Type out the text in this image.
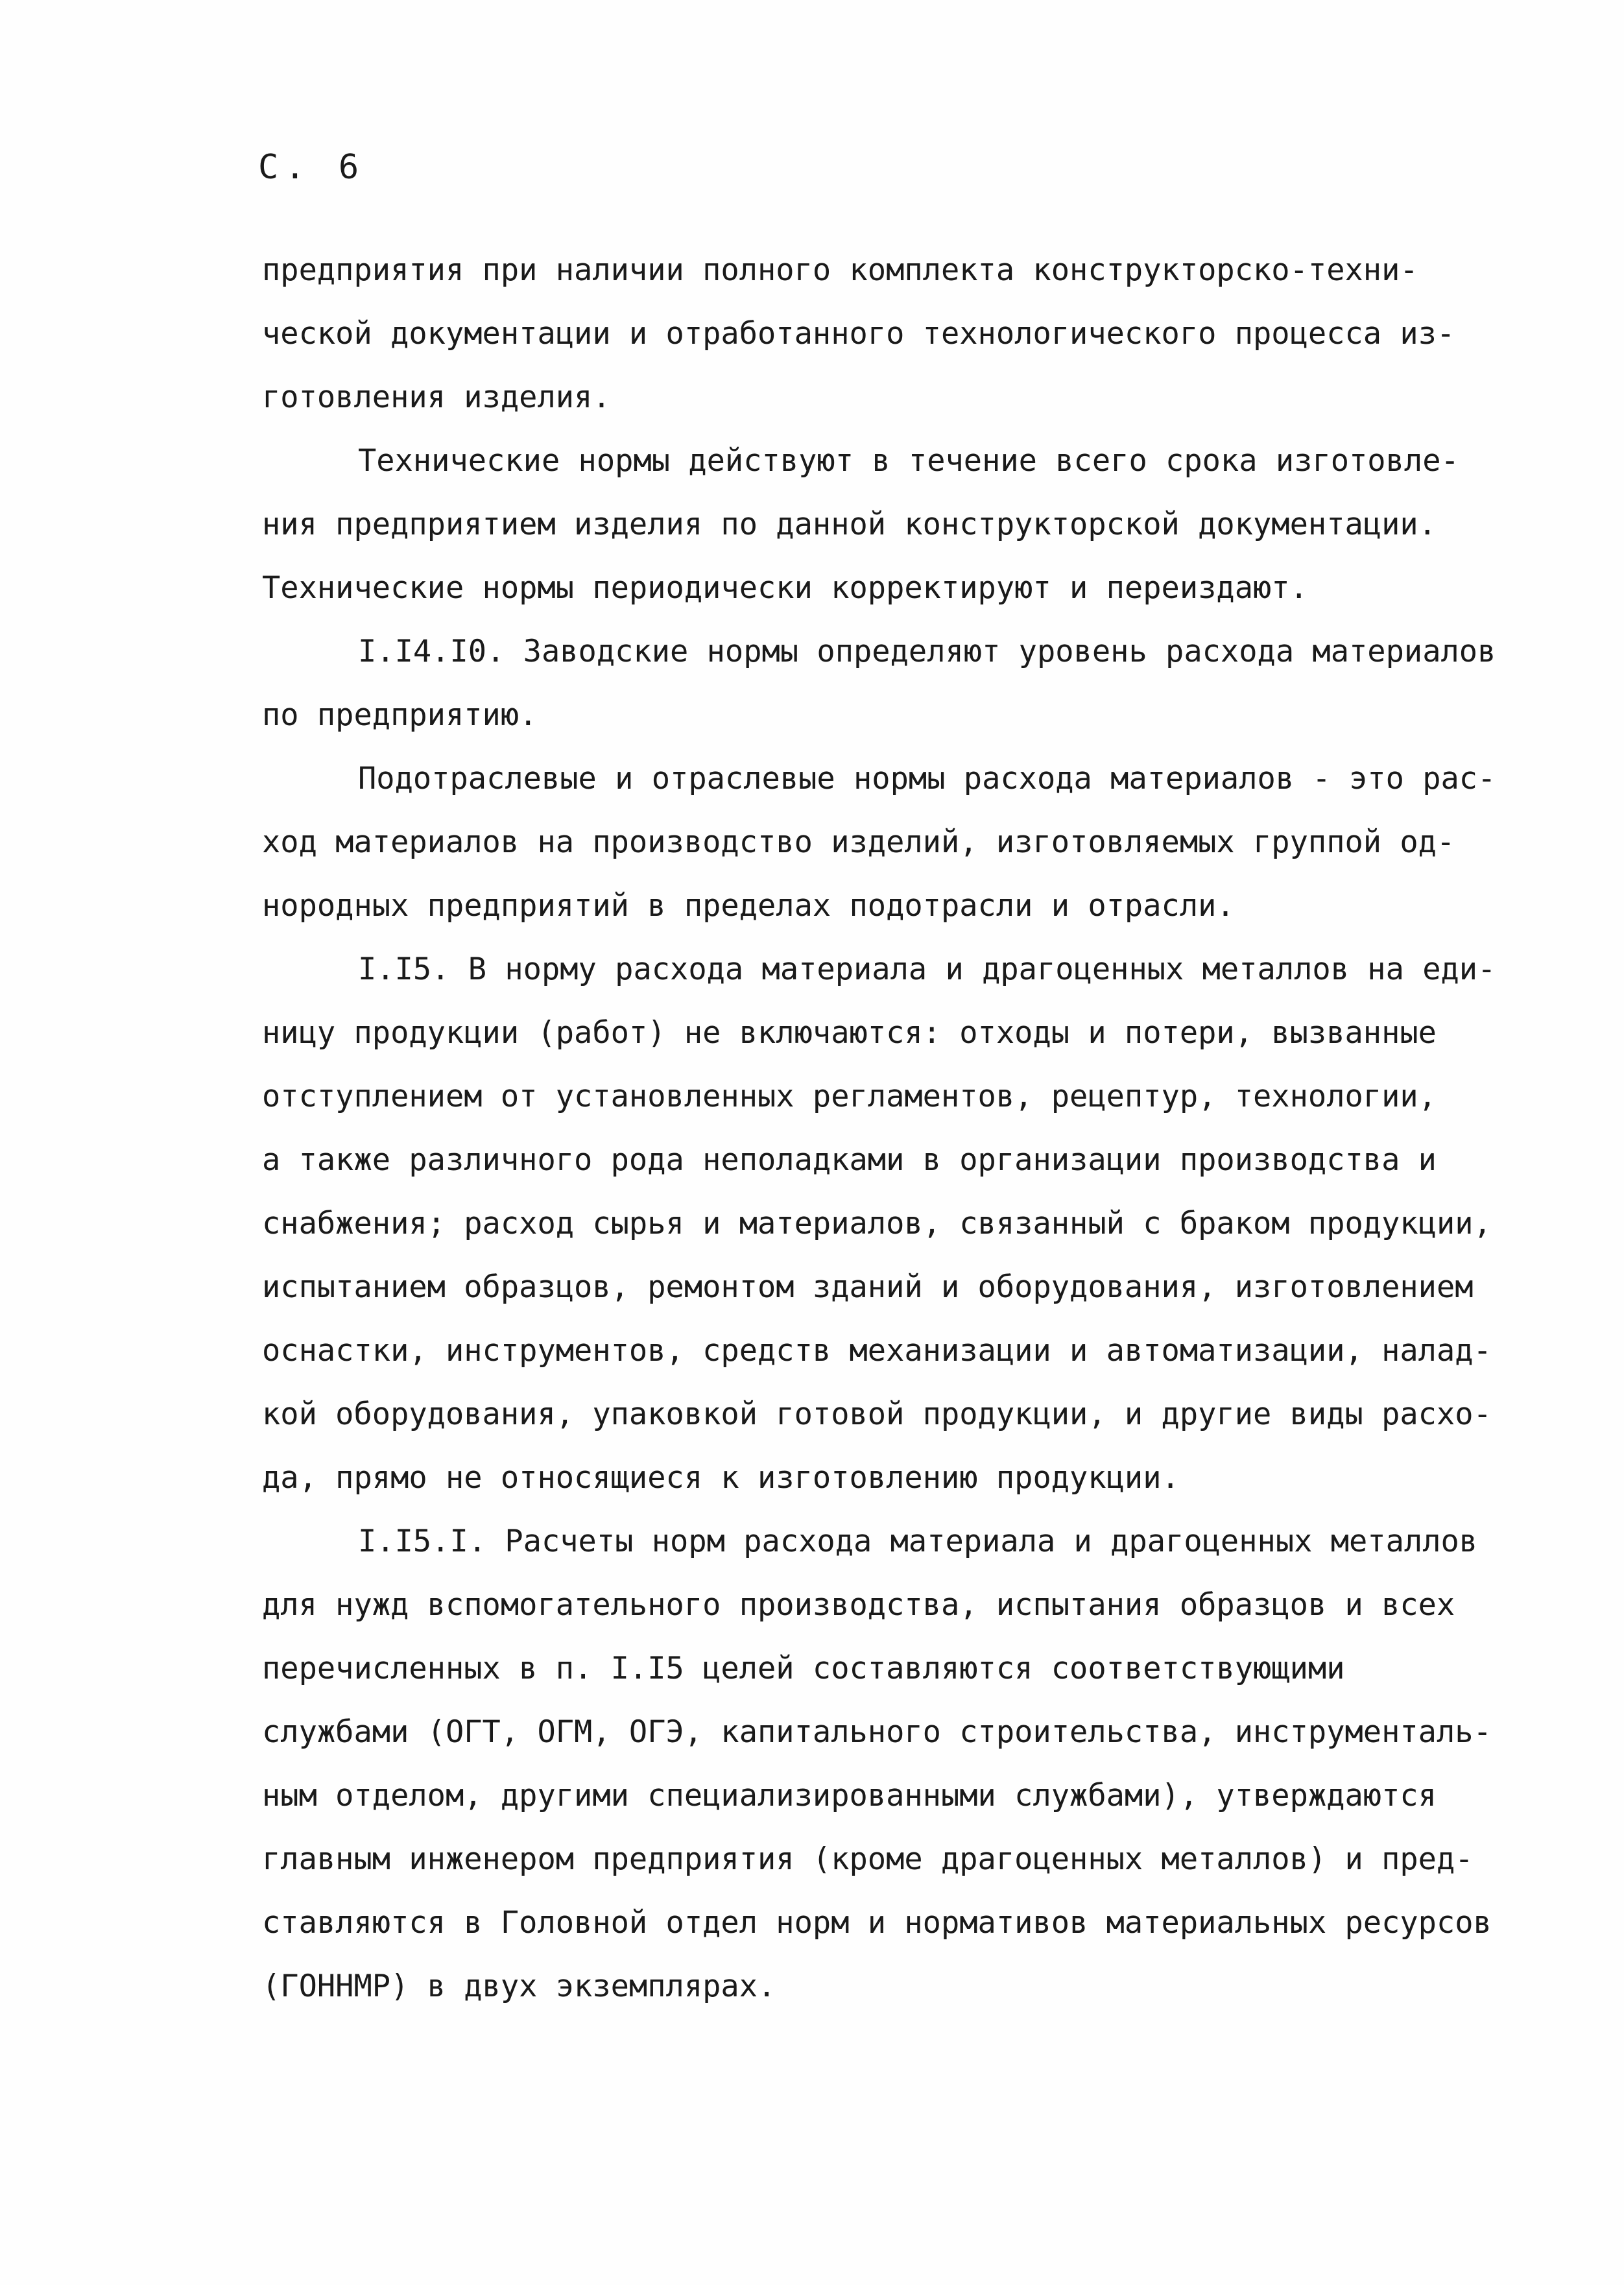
С. 6
предприятия при наличии полного комплекта конструкторско-техни-
ческой документации и отработанного технологического процесса из-
готовления изделия.
Технические нормы действуют в течение всего срока изготовле-
ния предприятием изделия по данной конструкторской документации.
Технические нормы периодически корректируют и переиздают.
I.I4.I0. Заводские нормы определяют уровень расхода материалов
по предприятию.
Подотраслевые и отраслевые нормы расхода материалов - это рас-
ход материалов на производство изделий, изготовляемых группой од-
нородных предприятий в пределах подотрасли и отрасли.
I.I5. В норму расхода материала и драгоценных металлов на еди-
ницу продукции (работ) не включаются: отходы и потери, вызванные
отступлением от установленных регламентов, рецептур, технологии,
а также различного рода неполадками в организации производства и
снабжения; расход сырья и материалов, связанный с браком продукции,
испытанием образцов, ремонтом зданий и оборудования, изготовлением
оснастки, инструментов, средств механизации и автоматизации, налад-
кой оборудования, упаковкой готовой продукции, и другие виды расхо-
да, прямо не относящиеся к изготовлению продукции.
I.I5.I. Расчеты норм расхода материала и драгоценных металлов
для нужд вспомогательного производства, испытания образцов и всех
перечисленных в п. I.I5 целей составляются соответствующими
службами (ОГТ, ОГМ, ОГЭ, капитального строительства, инструменталь-
ным отделом, другими специализированными службами), утверждаются
главным инженером предприятия (кроме драгоценных металлов) и пред-
ставляются в Головной отдел норм и нормативов материальных ресурсов
(ГОННМР) в двух экземплярах.
